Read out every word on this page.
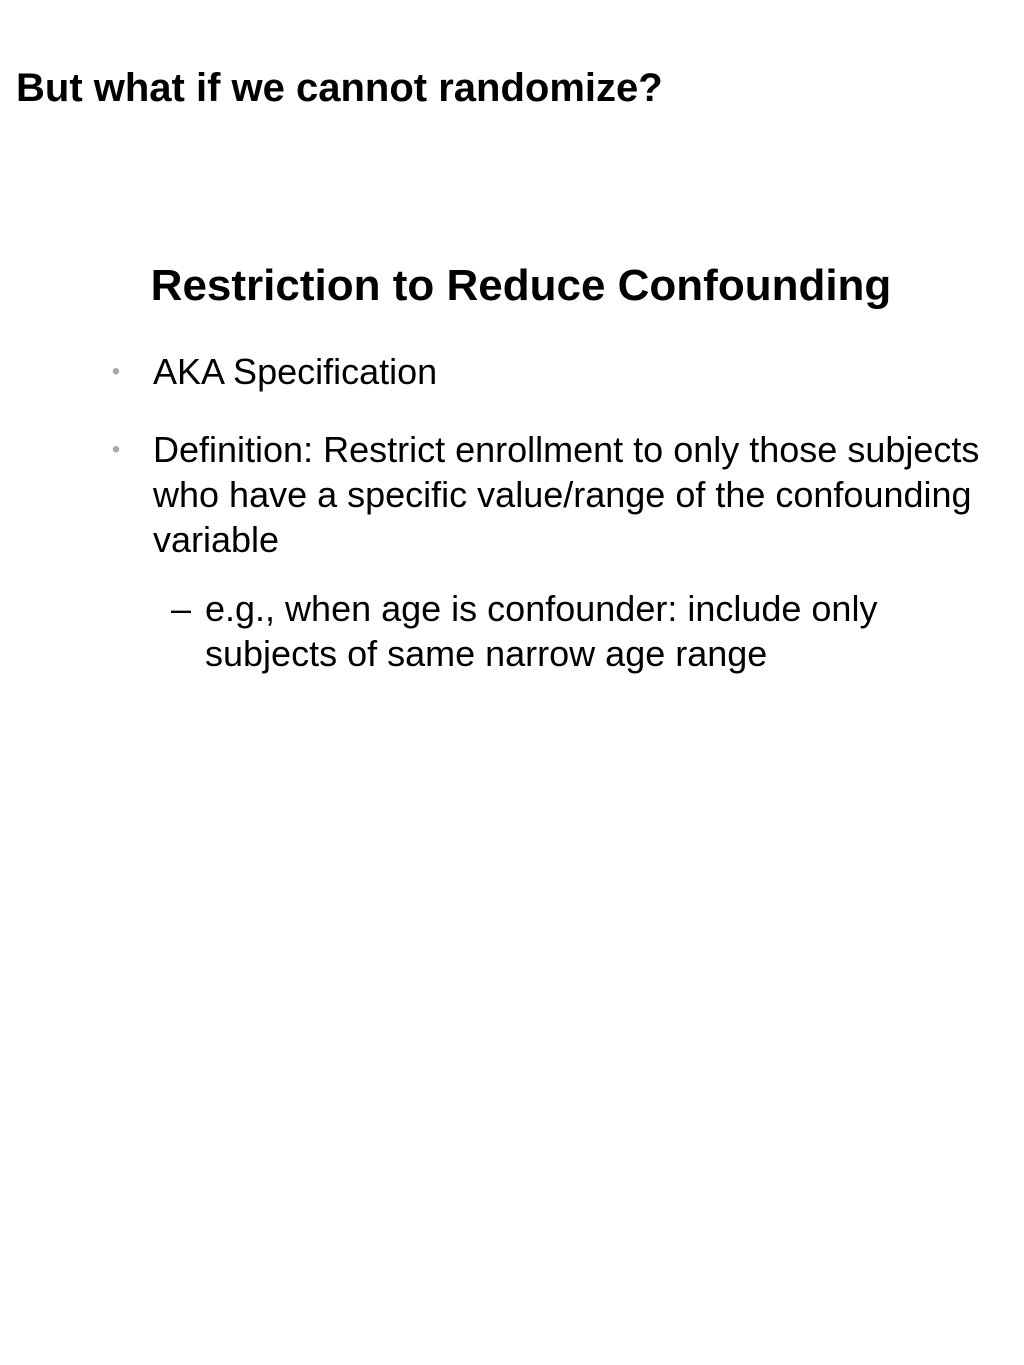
But what if we cannot randomize?
Restriction to Reduce Confounding
• AKA Specification
• Definition: Restrict enrollment to only those subjects who have a specific value/range of the confounding variable
– e.g., when age is confounder: include only subjects of same narrow age range
